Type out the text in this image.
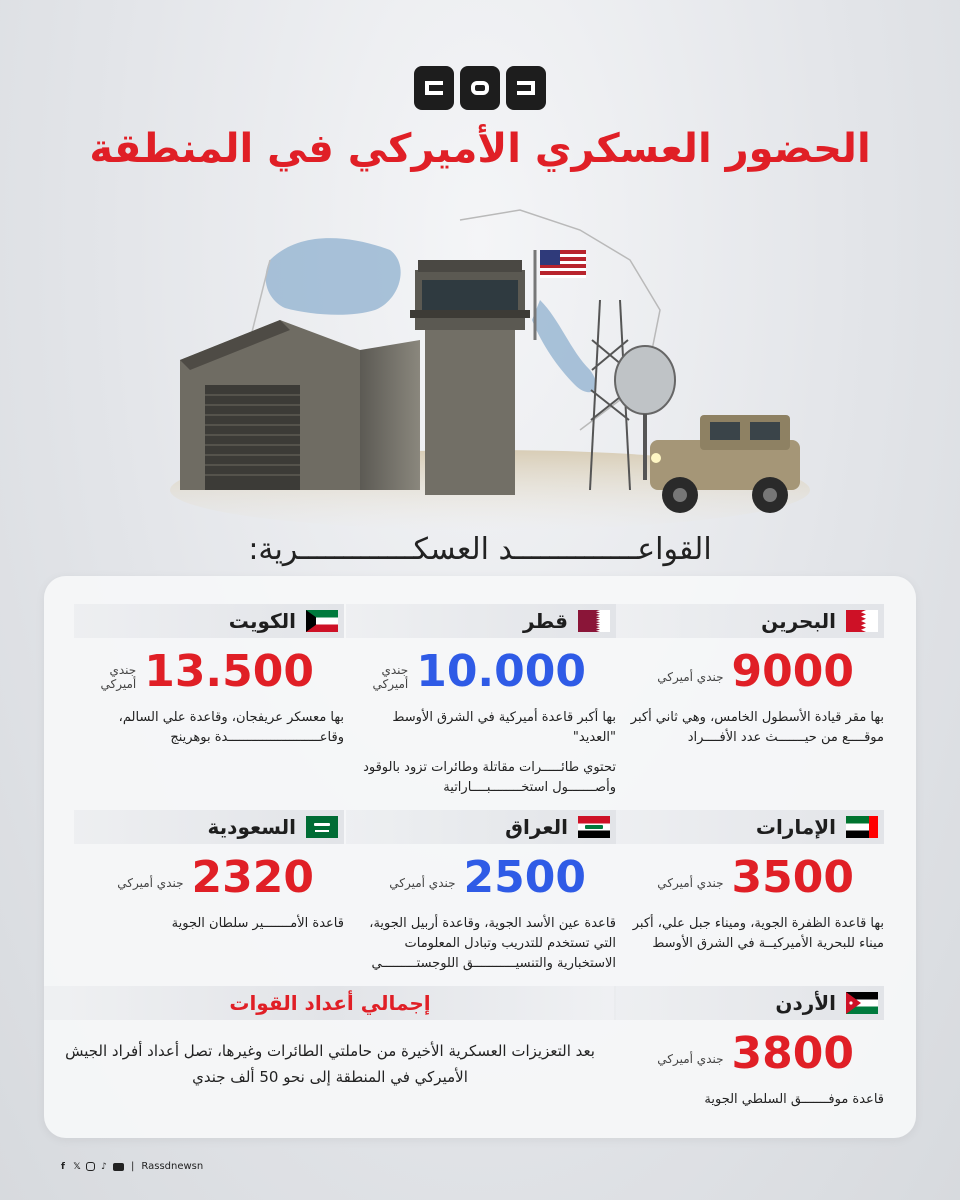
الحضور العسكري الأميركي في المنطقة
القواعــــــــــــــد العسكـــــــــــــرية:
البحرين
9000
جندي أميركي
بها مقر قيادة الأسطول الخامس، وهي ثاني أكبر موقــــع من حيـــــــث عدد الأفــــراد
قطر
10.000
جندي أميركي
بها أكبر قاعدة أميركية في الشرق الأوسط "العديد"
تحتوي طائـــــرات مقاتلة وطائرات تزود بالوقود وأصـــــــول استخــــــــبــــاراتية
الكويت
13.500
جندي أميركي
بها معسكر عريفجان، وقاعدة علي السالم، وقاعــــــــــــــــــــــــدة بوهرينج
الإمارات
3500
جندي أميركي
بها قاعدة الظفرة الجوية، وميناء جبل علي، أكبر ميناء للبحرية الأميركيــة في الشرق الأوسط
العراق
2500
جندي أميركي
قاعدة عين الأسد الجوية، وقاعدة أربيل الجوية، التي تستخدم للتدريب وتبادل المعلومات الاستخبارية والتنسيـــــــــــق اللوجستـــــــــي
السعودية
2320
جندي أميركي
قاعدة الأمـــــــير سلطان الجوية
الأردن
3800
جندي أميركي
قاعدة موفـــــــق السلطي الجوية
إجمالي أعداد القوات
بعد التعزيزات العسكرية الأخيرة من حاملتي الطائرات وغيرها، تصل أعداد أفراد الجيش الأميركي في المنطقة إلى نحو 50 ألف جندي
f 𝕏 ♪ | Rassdnewsn
